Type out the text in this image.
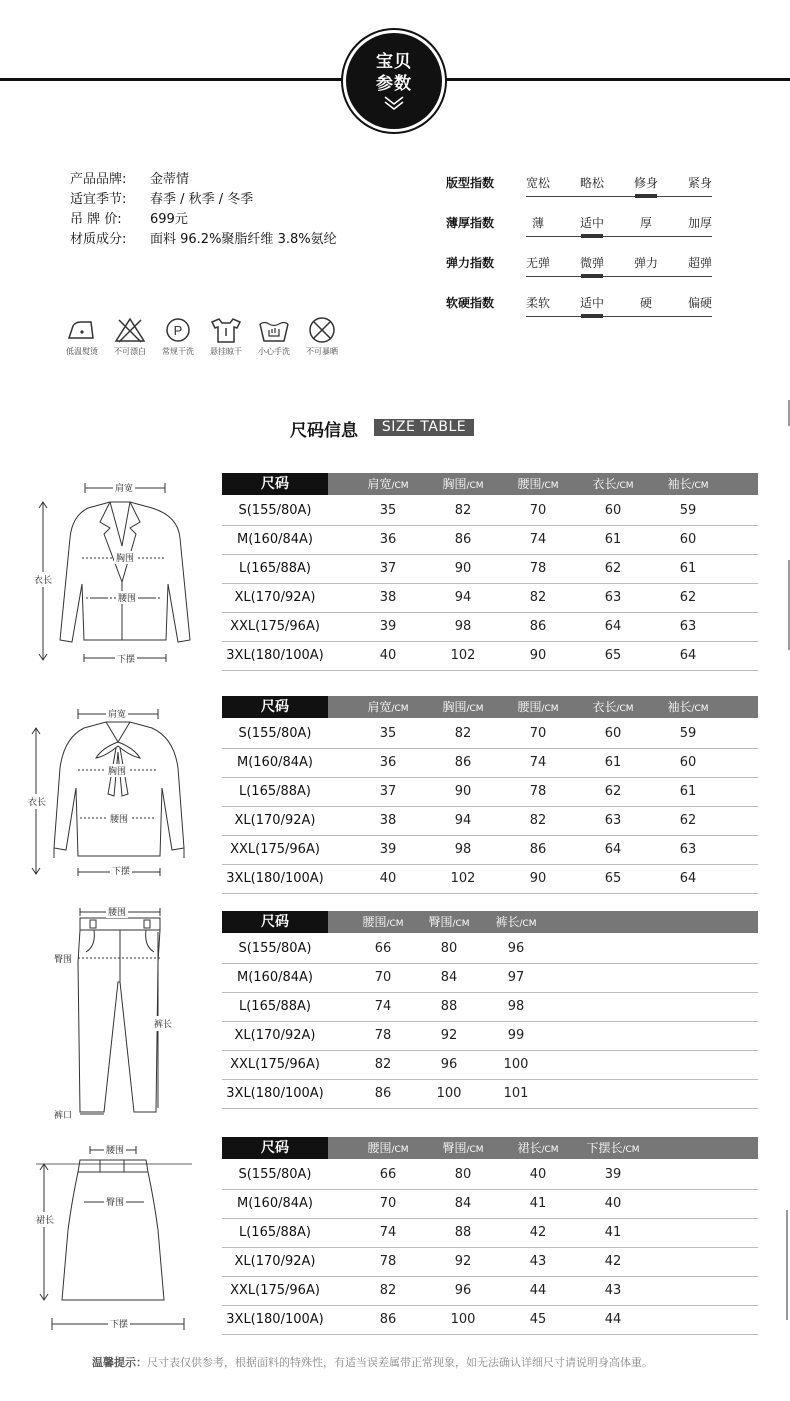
宝贝
参数
产品品牌: 金蒂情
适宜季节: 春季 / 秋季 / 冬季
吊 牌 价: 699元
材质成分: 面料 96.2%聚脂纤维 3.8%氨纶
版型指数	宽松	略松	修身	紧身
薄厚指数	薄	适中	厚	加厚
弹力指数	无弹	微弹	弹力	超弹
软硬指数	柔软	适中	硬	偏硬
低温熨烫	不可漂白
P
常规干洗	悬挂晾干	小心手洗	不可暴晒
尺码信息	SIZE TABLE
尺码	肩宽/CM	胸围/CM	腰围/CM	衣长/CM	袖长/CM
S(155/80A)	35	82	70	60	59
M(160/84A)	36	86	74	61	60
L(165/88A)	37	90	78	62	61
XL(170/92A)	38	94	82	63	62
XXL(175/96A)	39	98	86	64	63
3XL(180/100A)	40	102	90	65	64
尺码	肩宽/CM	胸围/CM	腰围/CM	衣长/CM	袖长/CM
S(155/80A)	35	82	70	60	59
M(160/84A)	36	86	74	61	60
L(165/88A)	37	90	78	62	61
XL(170/92A)	38	94	82	63	62
XXL(175/96A)	39	98	86	64	63
3XL(180/100A)	40	102	90	65	64
尺码	腰围/CM	臀围/CM	裤长/CM
S(155/80A)	66	80	96
M(160/84A)	70	84	97
L(165/88A)	74	88	98
XL(170/92A)	78	92	99
XXL(175/96A)	82	96	100
3XL(180/100A)	86	100	101
尺码	腰围/CM	臀围/CM	裙长/CM	下摆长/CM
S(155/80A)	66	80	40	39
M(160/84A)	70	84	41	40
L(165/88A)	74	88	42	41
XL(170/92A)	78	92	43	42
XXL(175/96A)	82	96	44	43
3XL(180/100A)	86	100	45	44
肩宽
胸围
腰围
衣长
下摆
肩宽
胸围
腰围
衣长
下摆
腰围
臀围
裤长
裤口
腰围
臀围
裙长
下摆
温馨提示：尺寸表仅供参考，根据面料的特殊性，有适当误差属带正常现象，如无法确认详细尺寸请说明身高体重。
